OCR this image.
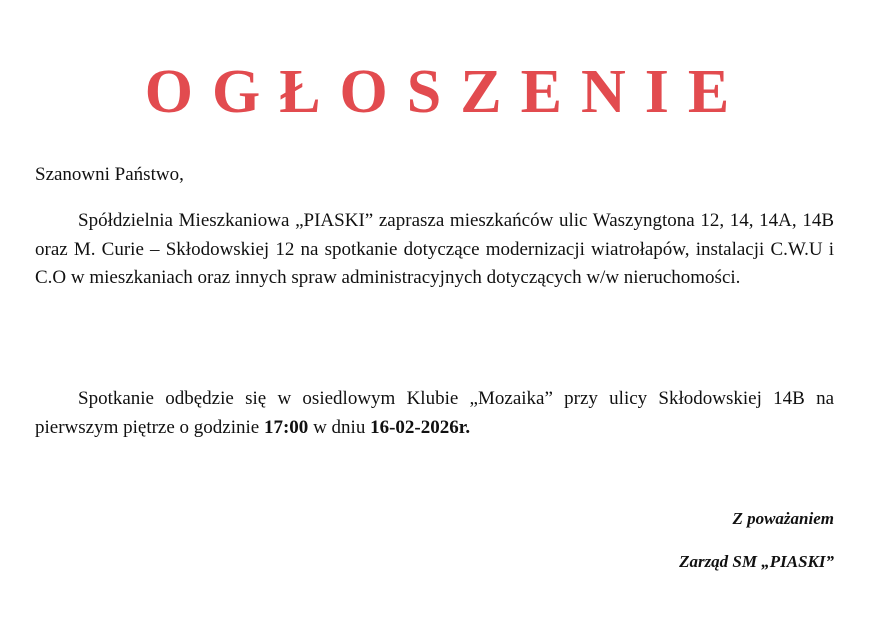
OGŁOSZENIE

Szanowni Państwo,

Spółdzielnia Mieszkaniowa „PIASKI” zaprasza mieszkańców ulic Waszyngtona 12, 14, 14A, 14B oraz M. Curie – Skłodowskiej 12 na spotkanie dotyczące modernizacji wiatrołapów, instalacji C.W.U i C.O w mieszkaniach oraz innych spraw administracyjnych dotyczących w/w nieruchomości.

Spotkanie odbędzie się w osiedlowym Klubie „Mozaika” przy ulicy Skłodowskiej 14B na pierwszym piętrze o godzinie 17:00 w dniu 16-02-2026r.

Z poważaniem
Zarząd SM „PIASKI”
